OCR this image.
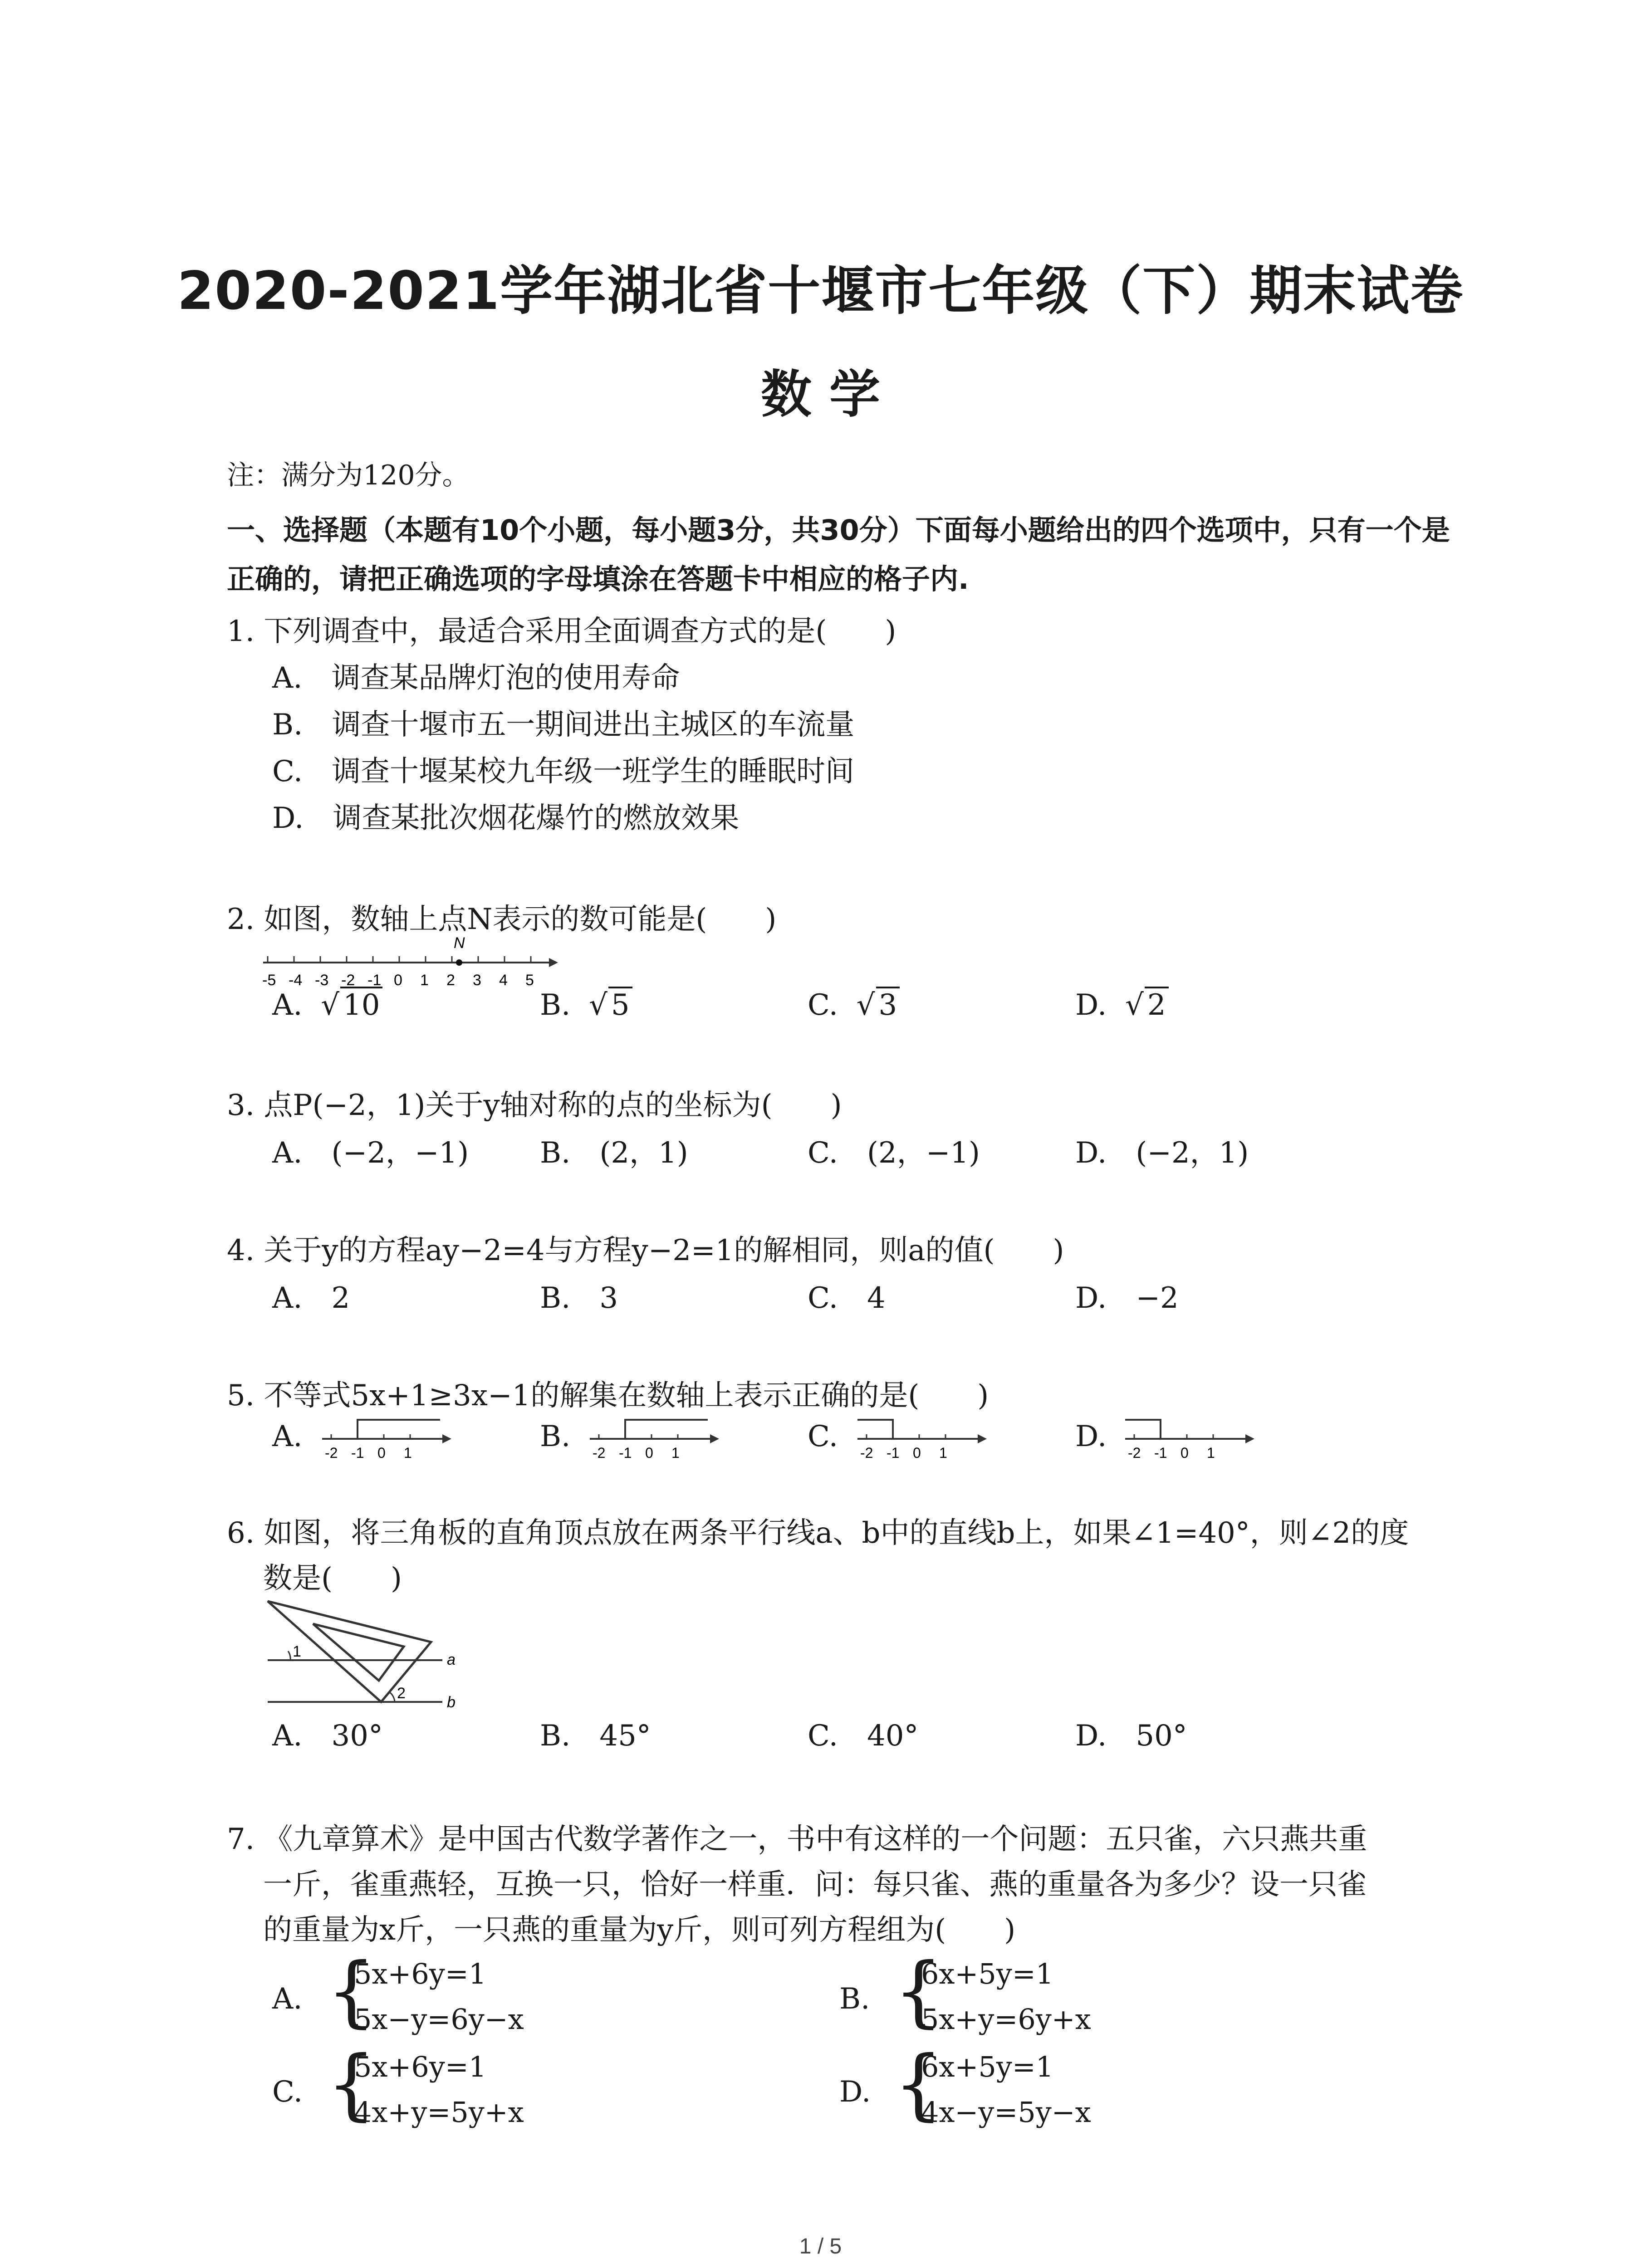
2020-2021学年湖北省十堰市七年级（下）期末试卷
数 学
注：满分为120分。
一、选择题（本题有10个小题，每小题3分，共30分）下面每小题给出的四个选项中，只有一个是正确的，请把正确选项的字母填涂在答题卡中相应的格子内.
1. 下列调查中，最适合采用全面调查方式的是(　　)
A.　调查某品牌灯泡的使用寿命
B.　调查十堰市五一期间进出主城区的车流量
C.　调查十堰某校九年级一班学生的睡眠时间
D.　调查某批次烟花爆竹的燃放效果
2. 如图，数轴上点N表示的数可能是(　　)
-5 -4 -3 -2 -1 0 1 2 3 4 5
N
A. √ 10	B. √ 5	C. √ 3	D. √ 2
3. 点P(−2，1)关于y轴对称的点的坐标为(　　)
A.　(−2，−1) B.　(2，1)	C.　(2，−1)	D.　(−2，1)
4. 关于y的方程ay−2=4与方程y−2=1的解相同，则a的值(　　)
A.　2	B.　3	C.　4	D.　−2
5. 不等式5x+1≥3x−1的解集在数轴上表示正确的是(　　)
A.	B.	C.	D.
-2 -1 0 1	-2 -1 0 1	-2 -1 0 1	-2 -1 0 1
6. 如图，将三角板的直角顶点放在两条平行线a、b中的直线b上，如果∠1=40°，则∠2的度
数是(　　)
1
2
a
b
A.　30°	B.　45°	C.　40°	D.　50°
7. 《九章算术》是中国古代数学著作之一，书中有这样的一个问题：五只雀，六只燕共重
一斤，雀重燕轻，互换一只，恰好一样重．问：每只雀、燕的重量各为多少？设一只雀
的重量为x斤，一只燕的重量为y斤，则可列方程组为(　　)
A. {
5x+6y=1
5x−y=6y−x
B. {
6x+5y=1
5x+y=6y+x
C. {
5x+6y=1
4x+y=5y+x
D. {
6x+5y=1
4x−y=5y−x
1 / 5
